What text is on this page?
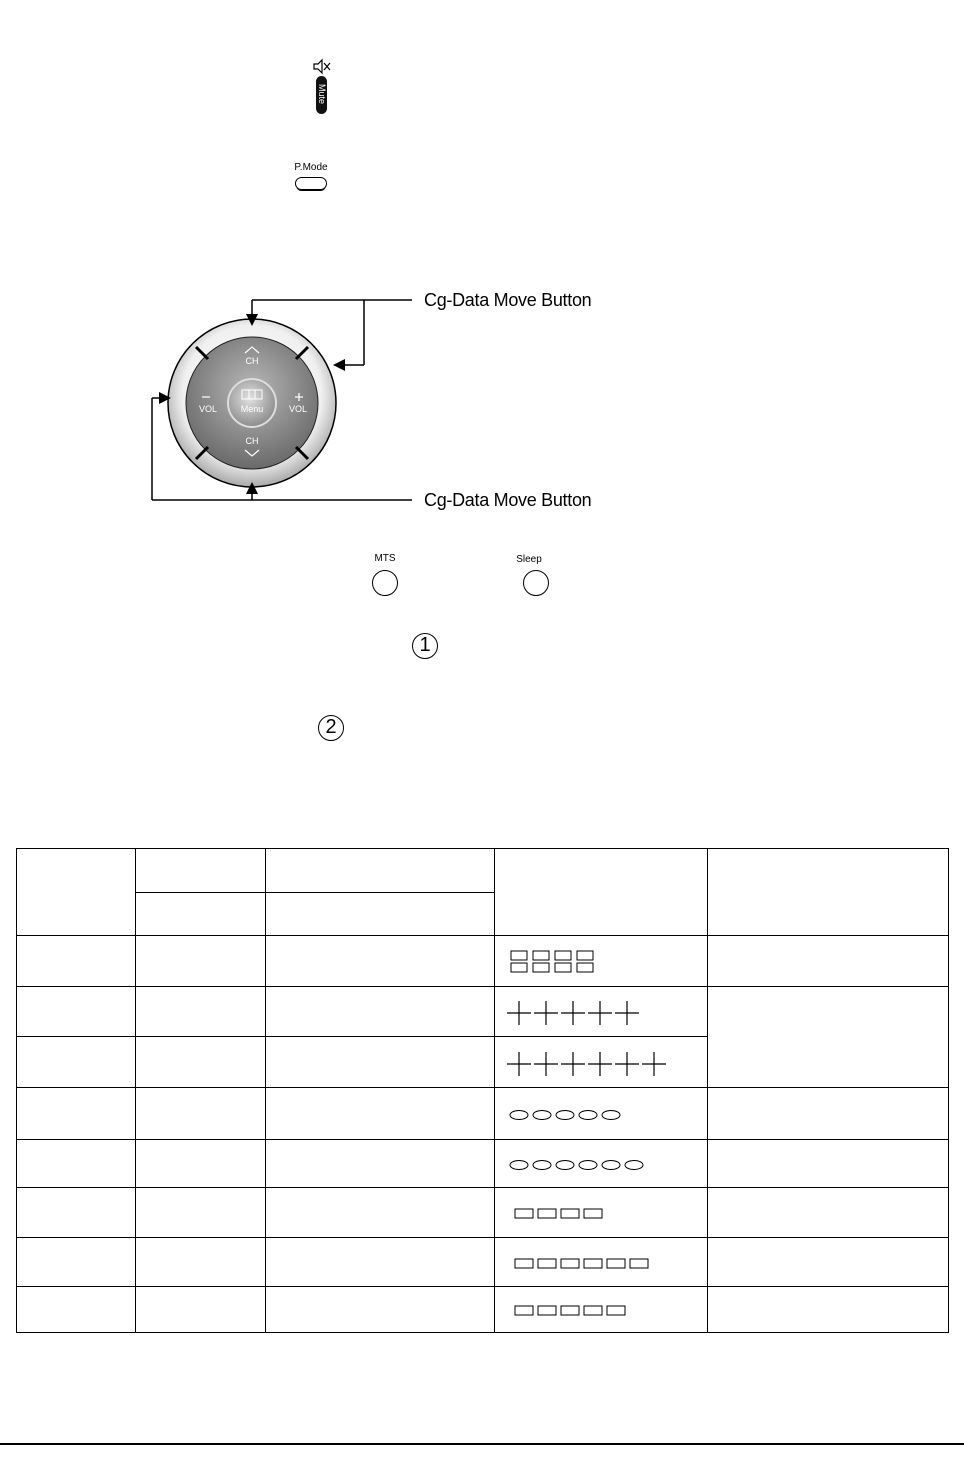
Mute
P.Mode
CH
CH
VOL	VOL
Menu
Cg-Data Move Button
Cg-Data Move Button
MTS	Sleep
1
2
